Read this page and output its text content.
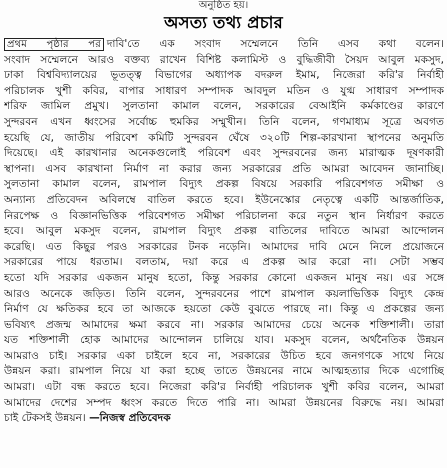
অনুষ্ঠিত হয়।
অসত্য তথ্য প্রচার
প্রথম পৃষ্ঠার পর দাবি'তে এক সংবাদ সম্মেলনে তিনি এসব কথা বলেন।
সংবাদ সম্মেলনে আরও বক্তব্য রাখেন বিশিষ্ট কলামিস্ট ও বুদ্ধিজীবী সৈয়দ আবুল মকসুদ,
ঢাকা বিশ্ববিদ্যালয়ের ভূতত্ত্ব বিভাগের অধ্যাপক বদরুল ইমাম, নিজেরা করি'র নির্বাহী
পরিচালক খুশী কবির, বাপার সাধারণ সম্পাদক আবদুল মতিন ও যুগ্ম সাধারণ সম্পাদক
শরিফ জামিল প্রমুখ। সুলতানা কামাল বলেন, সরকারের বেআইনি কর্মকাণ্ডের কারণে
সুন্দরবন এখন ধ্বংসের সর্বোচ্চ হুমকির সম্মুখীন। তিনি বলেন, গণমাধ্যম সূত্রে অবগত
হয়েছি যে, জাতীয় পরিবেশ কমিটি সুন্দরবন ঘেঁষে ৩২০টি শিল্প-কারখানা স্থাপনের অনুমতি
দিয়েছে। এই কারখানার অনেকগুলোই পরিবেশ এবং সুন্দরবনের জন্য মারাত্মক দূষণকারী
স্থাপনা। এসব কারখানা নির্মাণ না করার জন্য সরকারের প্রতি আমরা আবেদন জানাচ্ছি।
সুলতানা কামাল বলেন, রামপাল বিদ্যুৎ প্রকল্প বিষয়ে সরকারি পরিবেশগত সমীক্ষা ও
অন্যান্য প্রতিবেদন অবিলম্বে বাতিল করতে হবে। ইউনেস্কোর নেতৃত্বে একটি আন্তর্জাতিক,
নিরপেক্ষ ও বিজ্ঞানভিত্তিক পরিবেশগত সমীক্ষা পরিচালনা করে নতুন স্থান নির্ধারণ করতে
হবে। আবুল মকসুদ বলেন, রামপাল বিদ্যুৎ প্রকল্প বাতিলের দাবিতে আমরা আন্দোলন
করেছি। এত কিছুর পরও সরকারের টনক নড়েনি। আমাদের দাবি মেনে নিলে প্রয়োজনে
সরকারের পায়ে ধরতাম। বলতাম, দয়া করে এ প্রকল্প আর করো না। সেটা সম্ভব
হতো যদি সরকার একজন মানুষ হতো, কিন্তু সরকার কোনো একজন মানুষ নয়। এর সঙ্গে
আরও অনেকে জড়িত। তিনি বলেন, সুন্দরবনের পাশে রামপাল কয়লাভিত্তিক বিদ্যুৎ কেন্দ্র
নির্মাণ যে ক্ষতিকর হবে তা আজকে হয়তো কেউ বুঝতে পারছে না। কিন্তু এ প্রকল্পের জন্য
ভবিষ্যৎ প্রজন্ম আমাদের ক্ষমা করবে না। সরকার আমাদের চেয়ে অনেক শক্তিশালী। তারা
যত শক্তিশালী হোক আমাদের আন্দোলন চালিয়ে যাব। মকসুদ বলেন, অর্থনৈতিক উন্নয়ন
আমরাও চাই। সরকার একা চাইলে হবে না, সরকারের উচিত হবে জনগণকে সাথে নিয়ে
উন্নয়ন করা। রামপাল নিয়ে যা করা হচ্ছে তাতে উন্নয়নের নামে আত্মহত্যার দিকে এগোচ্ছি
আমরা। এটা বন্ধ করতে হবে। নিজেরা করি'র নির্বাহী পরিচালক খুশী কবির বলেন, আমরা
আমাদের দেশের সম্পদ ধ্বংস করতে দিতে পারি না। আমরা উন্নয়নের বিরুদ্ধে নয়। আমরা
চাই টেকসই উন্নয়ন। —নিজস্ব প্রতিবেদক
